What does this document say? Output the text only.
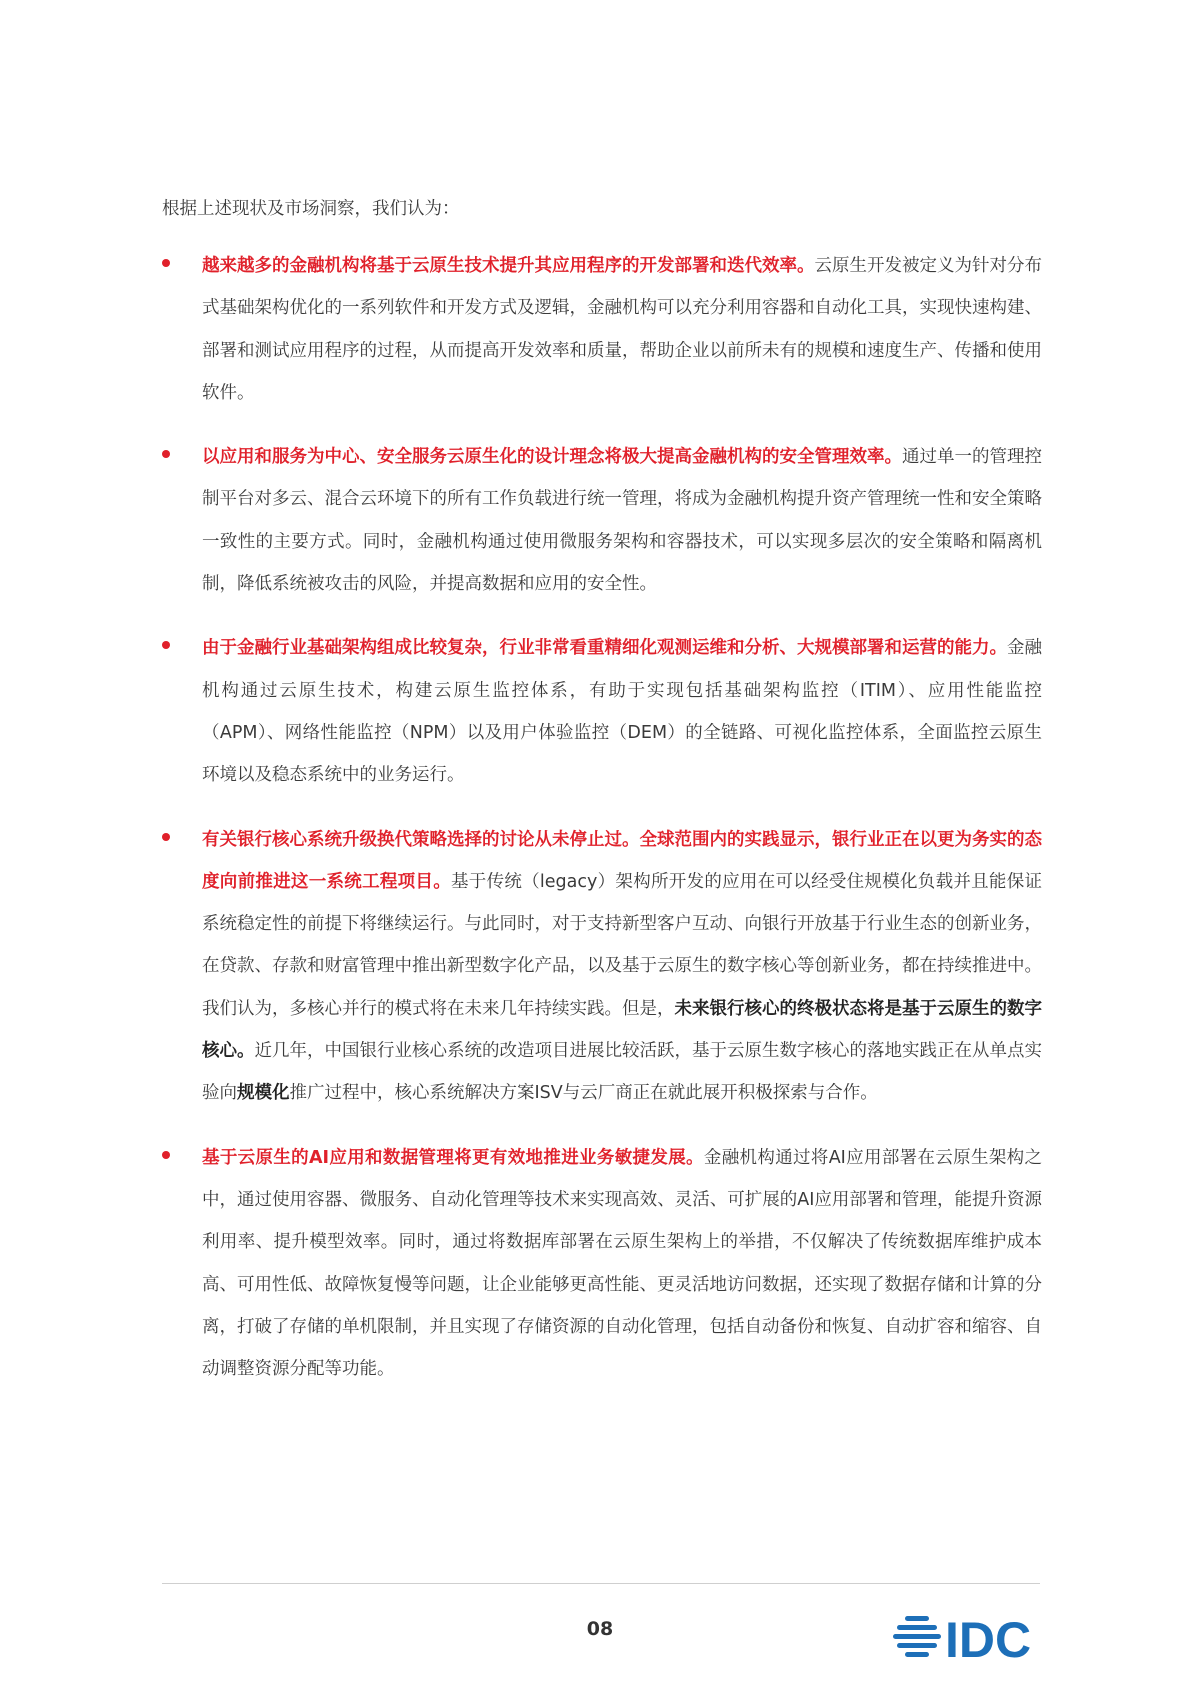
根据上述现状及市场洞察，我们认为：

越来越多的金融机构将基于云原生技术提升其应用程序的开发部署和迭代效率。云原生开发被定义为针对分布式基础架构优化的一系列软件和开发方式及逻辑，金融机构可以充分利用容器和自动化工具，实现快速构建、部署和测试应用程序的过程，从而提高开发效率和质量，帮助企业以前所未有的规模和速度生产、传播和使用软件。
以应用和服务为中心、安全服务云原生化的设计理念将极大提高金融机构的安全管理效率。通过单一的管理控制平台对多云、混合云环境下的所有工作负载进行统一管理，将成为金融机构提升资产管理统一性和安全策略一致性的主要方式。同时，金融机构通过使用微服务架构和容器技术，可以实现多层次的安全策略和隔离机制，降低系统被攻击的风险，并提高数据和应用的安全性。
由于金融行业基础架构组成比较复杂，行业非常看重精细化观测运维和分析、大规模部署和运营的能力。金融机构通过云原生技术，构建云原生监控体系，有助于实现包括基础架构监控（ITIM）、应用性能监控（APM）、网络性能监控（NPM）以及用户体验监控（DEM）的全链路、可视化监控体系，全面监控云原生环境以及稳态系统中的业务运行。
有关银行核心系统升级换代策略选择的讨论从未停止过。全球范围内的实践显示，银行业正在以更为务实的态度向前推进这一系统工程项目。基于传统（legacy）架构所开发的应用在可以经受住规模化负载并且能保证系统稳定性的前提下将继续运行。与此同时，对于支持新型客户互动、向银行开放基于行业生态的创新业务，在贷款、存款和财富管理中推出新型数字化产品，以及基于云原生的数字核心等创新业务，都在持续推进中。我们认为，多核心并行的模式将在未来几年持续实践。但是，未来银行核心的终极状态将是基于云原生的数字核心。近几年，中国银行业核心系统的改造项目进展比较活跃，基于云原生数字核心的落地实践正在从单点实验向规模化推广过程中，核心系统解决方案ISV与云厂商正在就此展开积极探索与合作。
基于云原生的AI应用和数据管理将更有效地推进业务敏捷发展。金融机构通过将AI应用部署在云原生架构之中，通过使用容器、微服务、自动化管理等技术来实现高效、灵活、可扩展的AI应用部署和管理，能提升资源利用率、提升模型效率。同时，通过将数据库部署在云原生架构上的举措，不仅解决了传统数据库维护成本高、可用性低、故障恢复慢等问题，让企业能够更高性能、更灵活地访问数据，还实现了数据存储和计算的分离，打破了存储的单机限制，并且实现了存储资源的自动化管理，包括自动备份和恢复、自动扩容和缩容、自动调整资源分配等功能。
08	IDC
